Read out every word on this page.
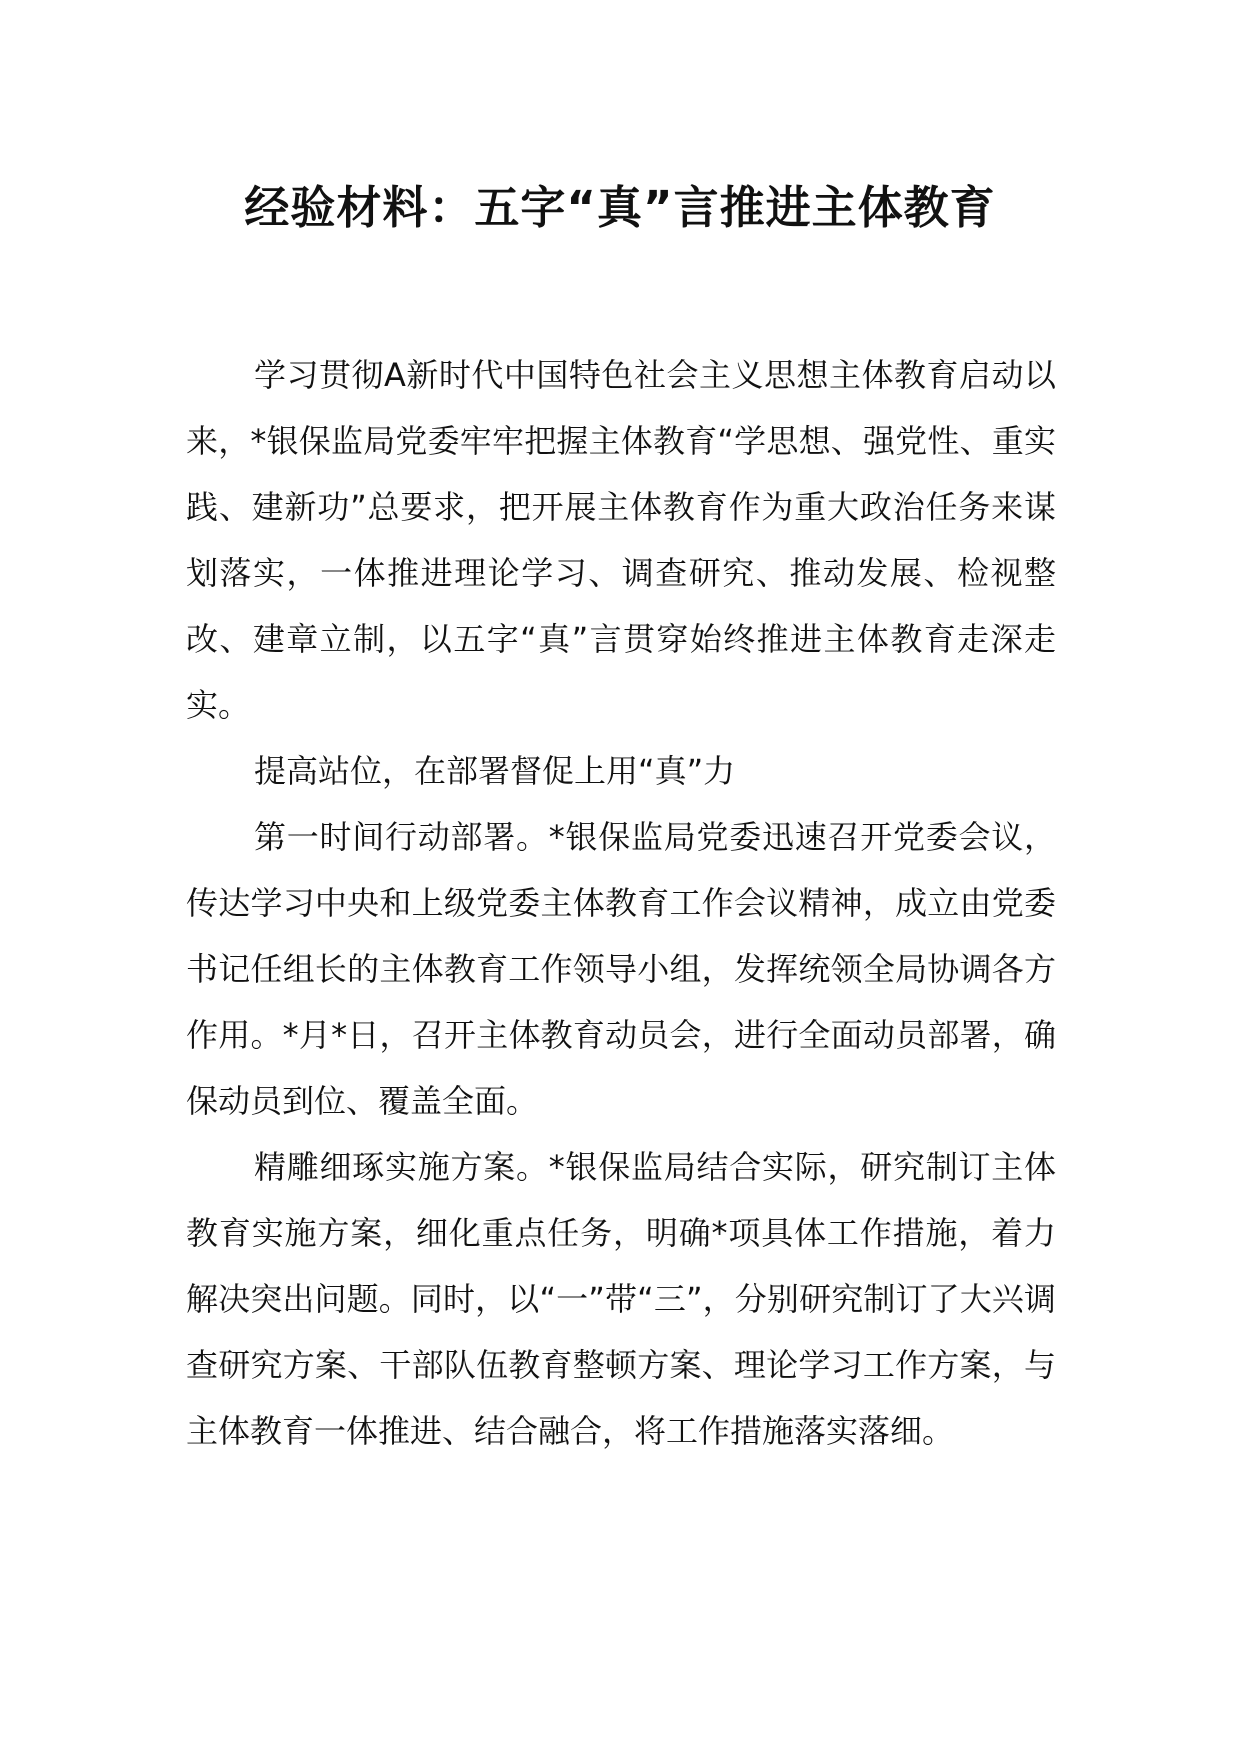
经验材料：五字“真”言推进主体教育

学习贯彻A新时代中国特色社会主义思想主体教育启动以来，*银保监局党委牢牢把握主体教育“学思想、强党性、重实践、建新功”总要求，把开展主体教育作为重大政治任务来谋划落实，一体推进理论学习、调查研究、推动发展、检视整改、建章立制，以五字“真”言贯穿始终推进主体教育走深走实。

提高站位，在部署督促上用“真”力

第一时间行动部署。*银保监局党委迅速召开党委会议，传达学习中央和上级党委主体教育工作会议精神，成立由党委书记任组长的主体教育工作领导小组，发挥统领全局协调各方作用。*月*日，召开主体教育动员会，进行全面动员部署，确保动员到位、覆盖全面。

精雕细琢实施方案。*银保监局结合实际，研究制订主体教育实施方案，细化重点任务，明确*项具体工作措施，着力解决突出问题。同时，以“一”带“三”，分别研究制订了大兴调查研究方案、干部队伍教育整顿方案、理论学习工作方案，与主体教育一体推进、结合融合，将工作措施落实落细。
